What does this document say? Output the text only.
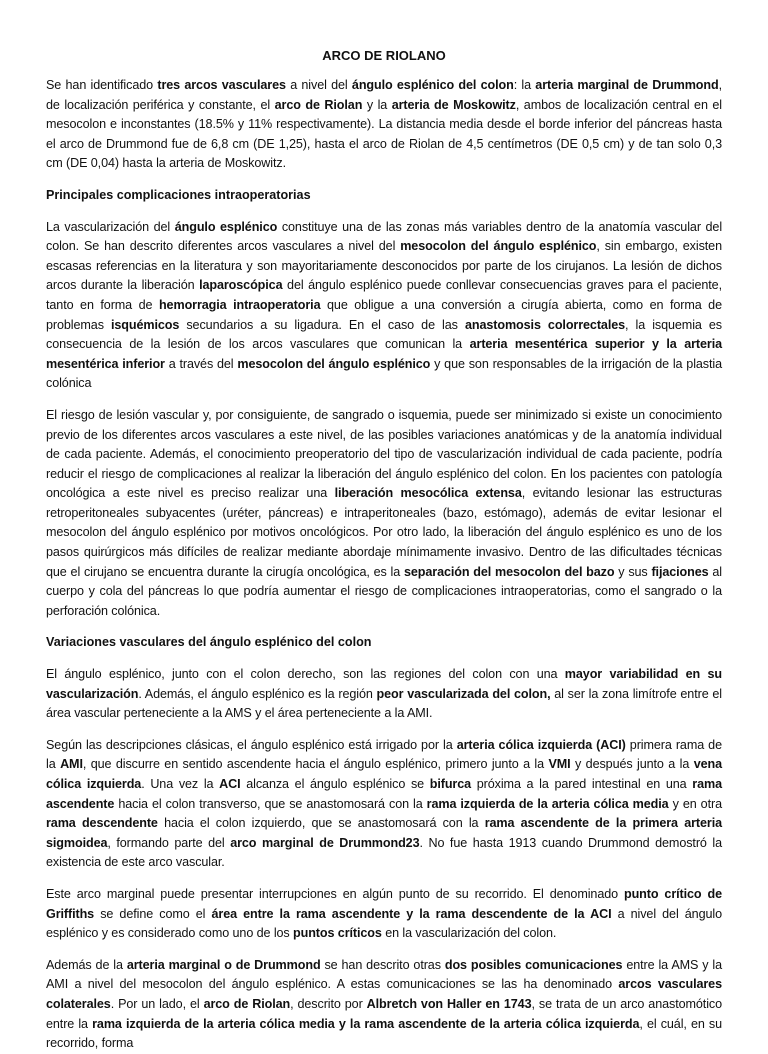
ARCO DE RIOLANO
Se han identificado tres arcos vasculares a nivel del ángulo esplénico del colon: la arteria marginal de Drummond, de localización periférica y constante, el arco de Riolan y la arteria de Moskowitz, ambos de localización central en el mesocolon e inconstantes (18.5% y 11% respectivamente). La distancia media desde el borde inferior del páncreas hasta el arco de Drummond fue de 6,8 cm (DE 1,25), hasta el arco de Riolan de 4,5 centímetros (DE 0,5 cm) y de tan solo 0,3 cm (DE 0,04) hasta la arteria de Moskowitz.
Principales complicaciones intraoperatorias
La vascularización del ángulo esplénico constituye una de las zonas más variables dentro de la anatomía vascular del colon. Se han descrito diferentes arcos vasculares a nivel del mesocolon del ángulo esplénico, sin embargo, existen escasas referencias en la literatura y son mayoritariamente desconocidos por parte de los cirujanos. La lesión de dichos arcos durante la liberación laparoscópica del ángulo esplénico puede conllevar consecuencias graves para el paciente, tanto en forma de hemorragia intraoperatoria que obligue a una conversión a cirugía abierta, como en forma de problemas isquémicos secundarios a su ligadura. En el caso de las anastomosis colorrectales, la isquemia es consecuencia de la lesión de los arcos vasculares que comunican la arteria mesentérica superior y la arteria mesentérica inferior a través del mesocolon del ángulo esplénico y que son responsables de la irrigación de la plastia colónica
El riesgo de lesión vascular y, por consiguiente, de sangrado o isquemia, puede ser minimizado si existe un conocimiento previo de los diferentes arcos vasculares a este nivel, de las posibles variaciones anatómicas y de la anatomía individual de cada paciente. Además, el conocimiento preoperatorio del tipo de vascularización individual de cada paciente, podría reducir el riesgo de complicaciones al realizar la liberación del ángulo esplénico del colon. En los pacientes con patología oncológica a este nivel es preciso realizar una liberación mesocólica extensa, evitando lesionar las estructuras retroperitoneales subyacentes (uréter, páncreas) e intraperitoneales (bazo, estómago), además de evitar lesionar el mesocolon del ángulo esplénico por motivos oncológicos. Por otro lado, la liberación del ángulo esplénico es uno de los pasos quirúrgicos más difíciles de realizar mediante abordaje mínimamente invasivo. Dentro de las dificultades técnicas que el cirujano se encuentra durante la cirugía oncológica, es la separación del mesocolon del bazo y sus fijaciones al cuerpo y cola del páncreas lo que podría aumentar el riesgo de complicaciones intraoperatorias, como el sangrado o la perforación colónica.
Variaciones vasculares del ángulo esplénico del colon
El ángulo esplénico, junto con el colon derecho, son las regiones del colon con una mayor variabilidad en su vascularización. Además, el ángulo esplénico es la región peor vascularizada del colon, al ser la zona limítrofe entre el área vascular perteneciente a la AMS y el área perteneciente a la AMI.
Según las descripciones clásicas, el ángulo esplénico está irrigado por la arteria cólica izquierda (ACI) primera rama de la AMI, que discurre en sentido ascendente hacia el ángulo esplénico, primero junto a la VMI y después junto a la vena cólica izquierda. Una vez la ACI alcanza el ángulo esplénico se bifurca próxima a la pared intestinal en una rama ascendente hacia el colon transverso, que se anastomosará con la rama izquierda de la arteria cólica media y en otra rama descendente hacia el colon izquierdo, que se anastomosará con la rama ascendente de la primera arteria sigmoidea, formando parte del arco marginal de Drummond23. No fue hasta 1913 cuando Drummond demostró la existencia de este arco vascular.
Este arco marginal puede presentar interrupciones en algún punto de su recorrido. El denominado punto crítico de Griffiths se define como el área entre la rama ascendente y la rama descendente de la ACI a nivel del ángulo esplénico y es considerado como uno de los puntos críticos en la vascularización del colon.
Además de la arteria marginal o de Drummond se han descrito otras dos posibles comunicaciones entre la AMS y la AMI a nivel del mesocolon del ángulo esplénico. A estas comunicaciones se las ha denominado arcos vasculares colaterales. Por un lado, el arco de Riolan, descrito por Albretch von Haller en 1743, se trata de un arco anastomótico entre la rama izquierda de la arteria cólica media y la rama ascendente de la arteria cólica izquierda, el cuál, en su recorrido, forma
